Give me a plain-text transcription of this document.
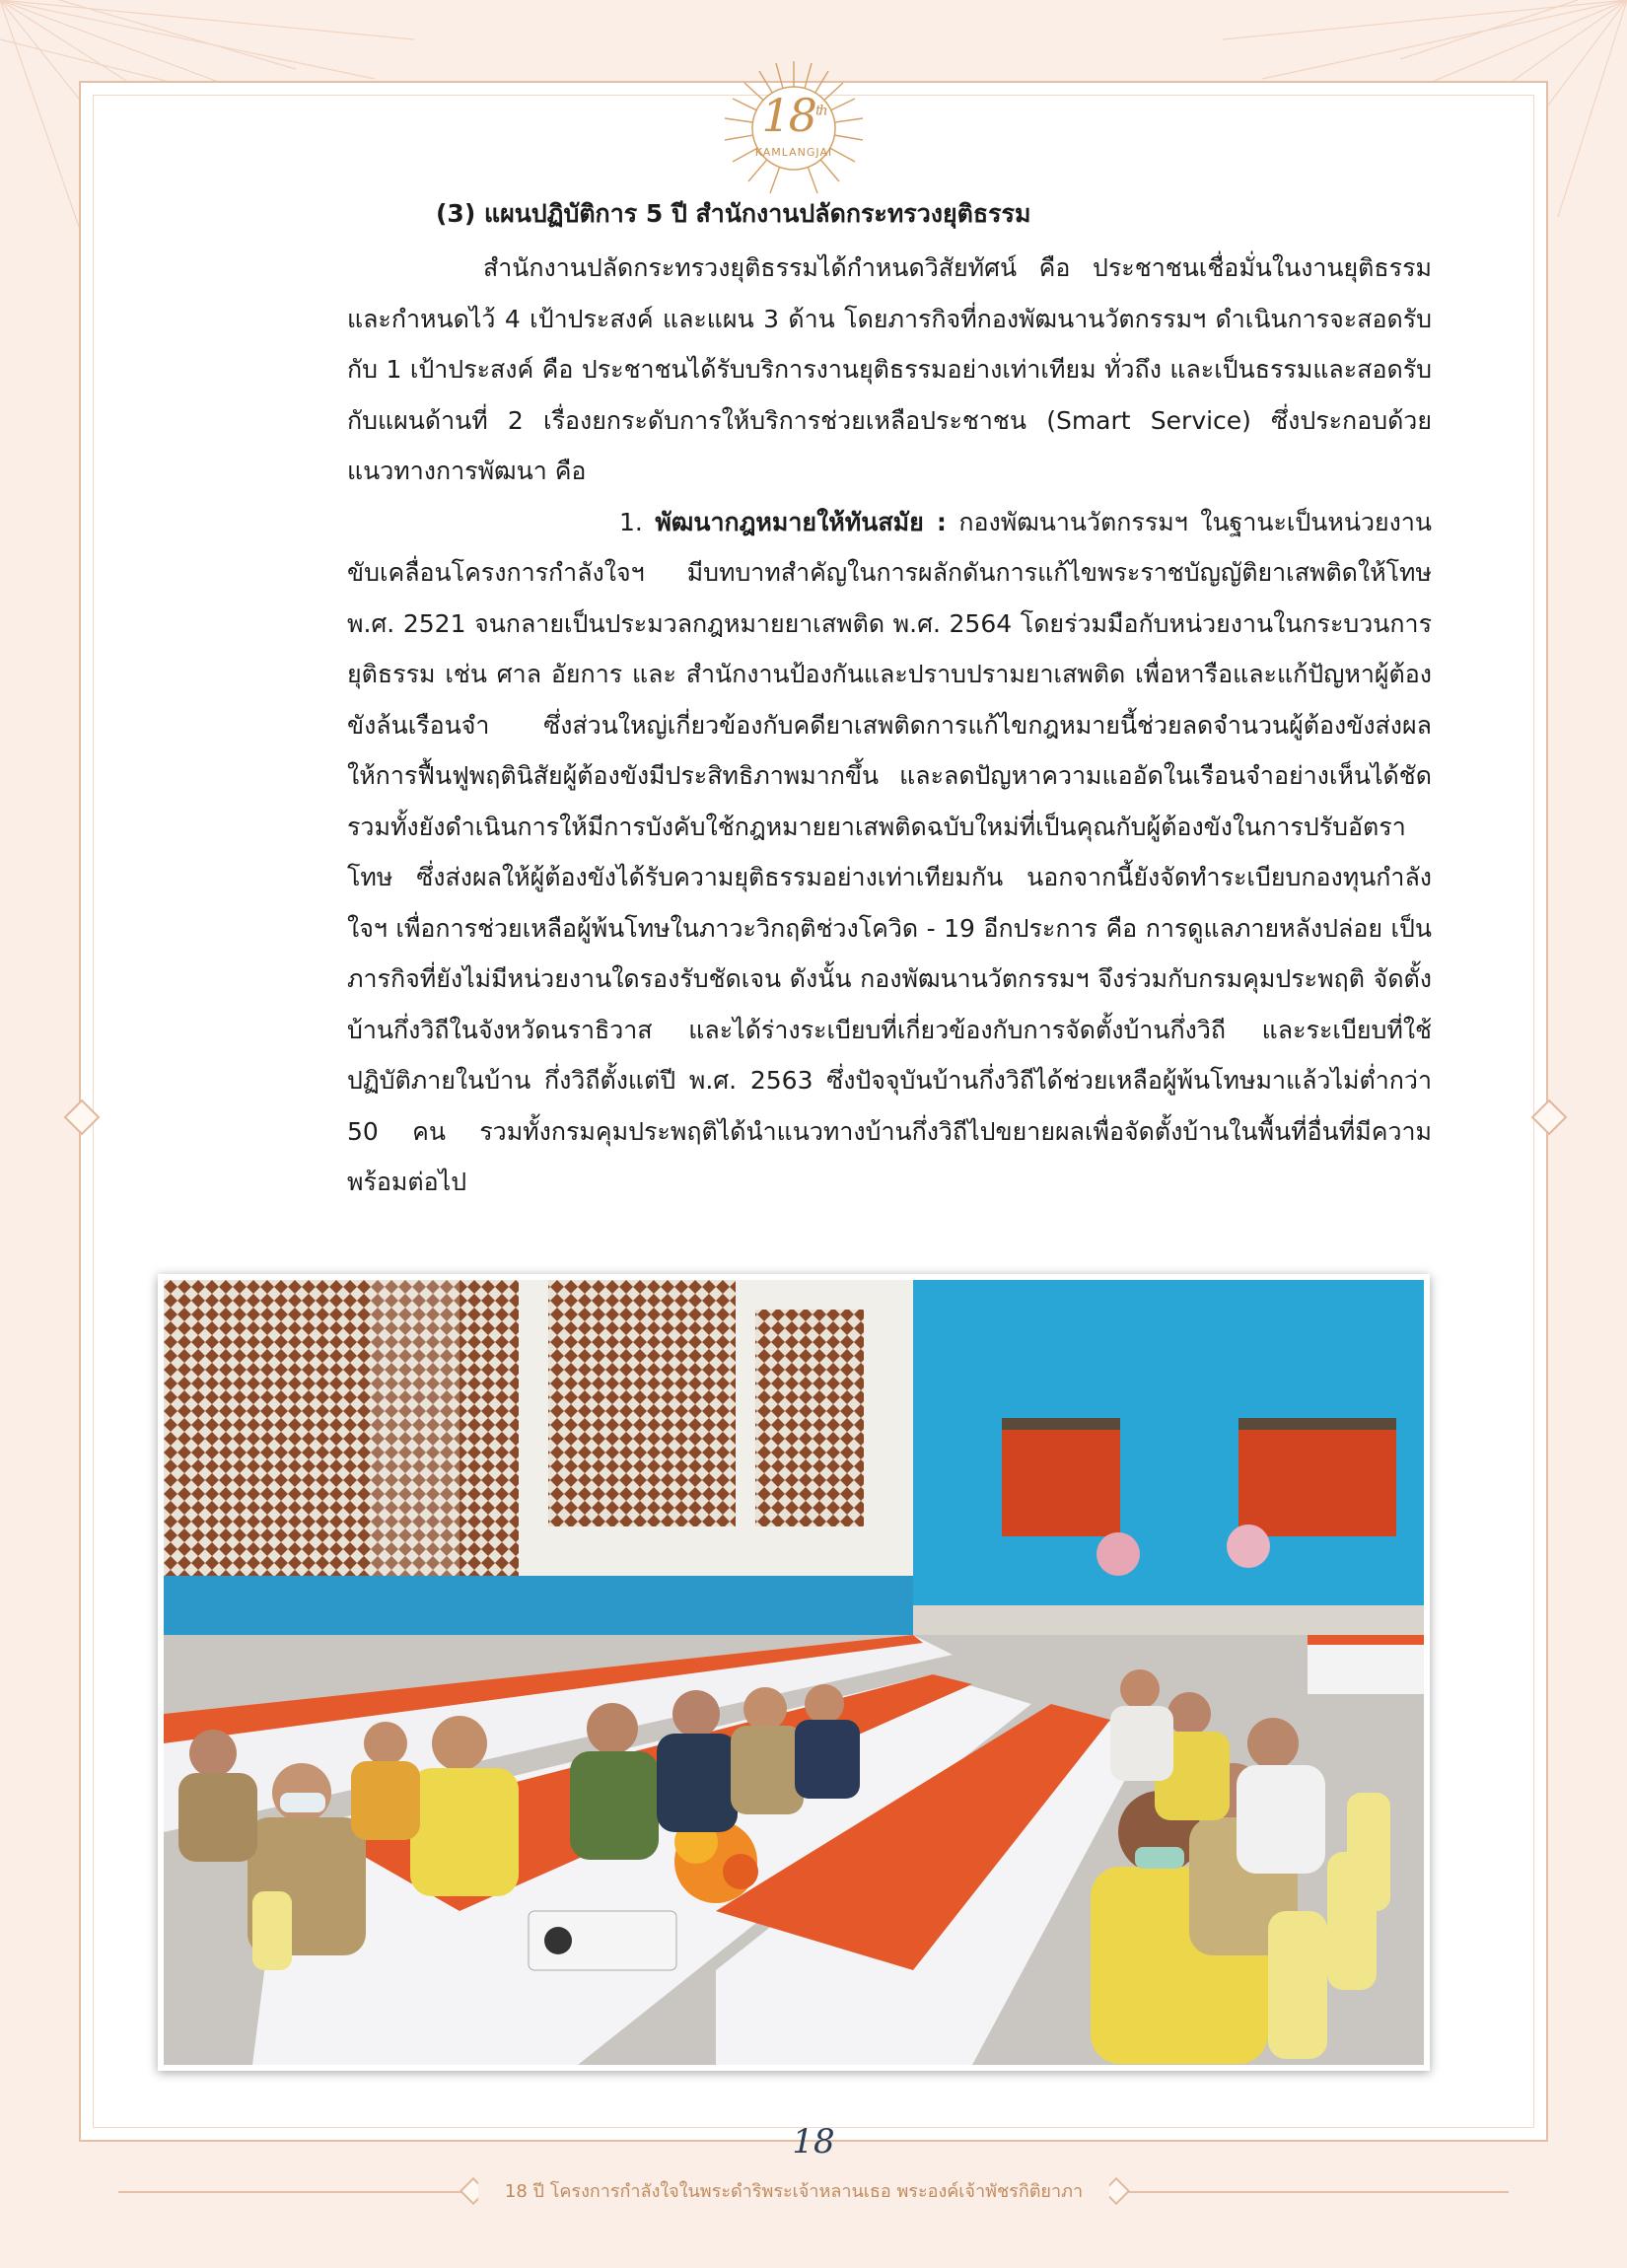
18th
KAMLANGJAI
(3) แผนปฏิบัติการ 5 ปี สำนักงานปลัดกระทรวงยุติธรรม

สำนักงานปลัดกระทรวงยุติธรรมได้กำหนดวิสัยทัศน์ คือ ประชาชนเชื่อมั่นในงานยุติธรรมและกำหนดไว้ 4 เป้าประสงค์ และแผน 3 ด้าน โดยภารกิจที่กองพัฒนานวัตกรรมฯ ดำเนินการจะสอดรับกับ 1 เป้าประสงค์ คือ ประชาชนได้รับบริการงานยุติธรรมอย่างเท่าเทียม ทั่วถึง และเป็นธรรมและสอดรับกับแผนด้านที่ 2 เรื่องยกระดับการให้บริการช่วยเหลือประชาชน (Smart Service) ซึ่งประกอบด้วยแนวทางการพัฒนา คือ

1. พัฒนากฎหมายให้ทันสมัย : กองพัฒนานวัตกรรมฯ ในฐานะเป็นหน่วยงานขับเคลื่อนโครงการกำลังใจฯ มีบทบาทสำคัญในการผลักดันการแก้ไขพระราชบัญญัติยาเสพติดให้โทษ พ.ศ. 2521 จนกลายเป็นประมวลกฎหมายยาเสพติด พ.ศ. 2564 โดยร่วมมือกับหน่วยงานในกระบวนการยุติธรรม เช่น ศาล อัยการ และ สำนักงานป้องกันและปราบปรามยาเสพติด เพื่อหารือและแก้ปัญหาผู้ต้องขังล้นเรือนจำ ซึ่งส่วนใหญ่เกี่ยวข้องกับคดียาเสพติดการแก้ไขกฎหมายนี้ช่วยลดจำนวนผู้ต้องขังส่งผลให้การฟื้นฟูพฤตินิสัยผู้ต้องขังมีประสิทธิภาพมากขึ้น และลดปัญหาความแออัดในเรือนจำอย่างเห็นได้ชัด รวมทั้งยังดำเนินการให้มีการบังคับใช้กฎหมายยาเสพติดฉบับใหม่ที่เป็นคุณกับผู้ต้องขังในการปรับอัตราโทษ ซึ่งส่งผลให้ผู้ต้องขังได้รับความยุติธรรมอย่างเท่าเทียมกัน นอกจากนี้ยังจัดทำระเบียบกองทุนกำลังใจฯ เพื่อการช่วยเหลือผู้พ้นโทษในภาวะวิกฤติช่วงโควิด - 19 อีกประการ คือ การดูแลภายหลังปล่อย เป็นภารกิจที่ยังไม่มีหน่วยงานใดรองรับชัดเจน ดังนั้น กองพัฒนานวัตกรรมฯ จึงร่วมกับกรมคุมประพฤติ จัดตั้งบ้านกึ่งวิถีในจังหวัดนราธิวาส และได้ร่างระเบียบที่เกี่ยวข้องกับการจัดตั้งบ้านกึ่งวิถี และระเบียบที่ใช้ปฏิบัติภายในบ้าน กึ่งวิถีตั้งแต่ปี พ.ศ. 2563 ซึ่งปัจจุบันบ้านกึ่งวิถีได้ช่วยเหลือผู้พ้นโทษมาแล้วไม่ต่ำกว่า 50 คน รวมทั้งกรมคุมประพฤติได้นำแนวทางบ้านกึ่งวิถีไปขยายผลเพื่อจัดตั้งบ้านในพื้นที่อื่นที่มีความพร้อมต่อไป

18
18 ปี โครงการกำลังใจในพระดำริพระเจ้าหลานเธอ พระองค์เจ้าพัชรกิติยาภา
